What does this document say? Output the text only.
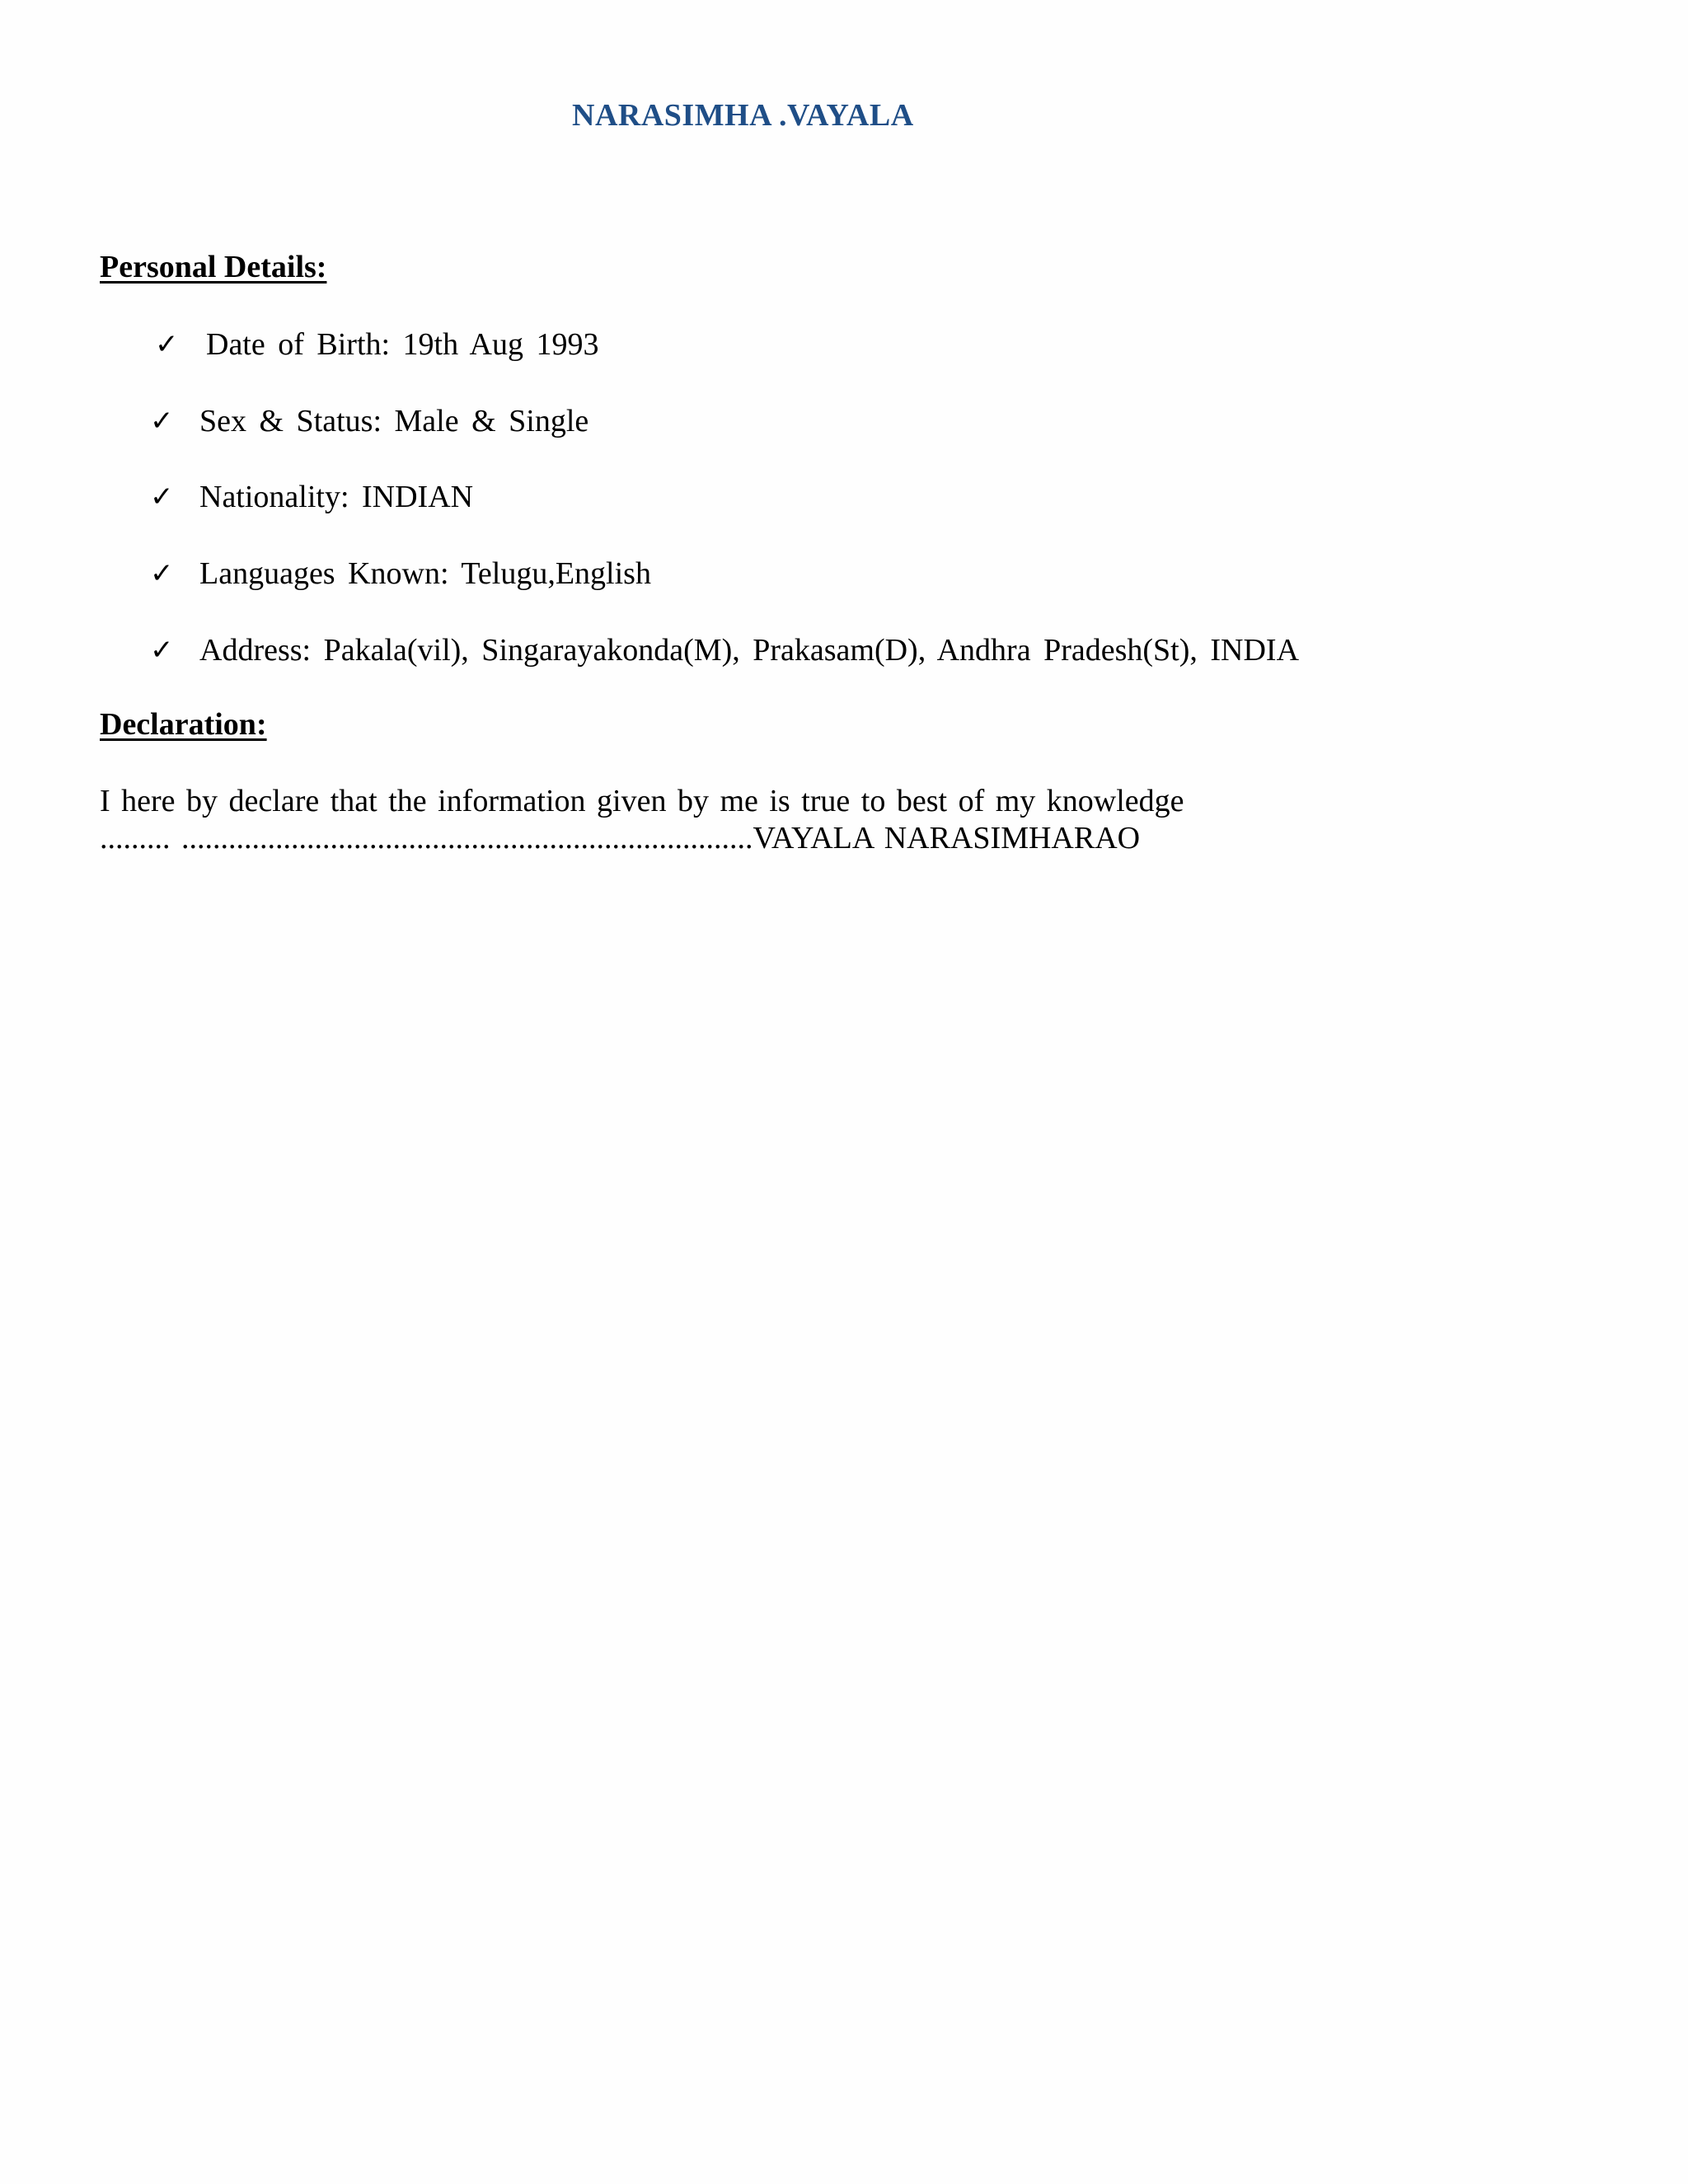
NARASIMHA .VAYALA
Personal Details:
✓ Date of Birth: 19th Aug 1993
✓ Sex & Status: Male & Single
✓ Nationality: INDIAN
✓ Languages Known: Telugu,English
✓ Address: Pakala(vil), Singarayakonda(M), Prakasam(D), Andhra Pradesh(St), INDIA
Declaration:
I here by declare that the information given by me is true to best of my knowledge
......... .........................................................................VAYALA NARASIMHARAO
